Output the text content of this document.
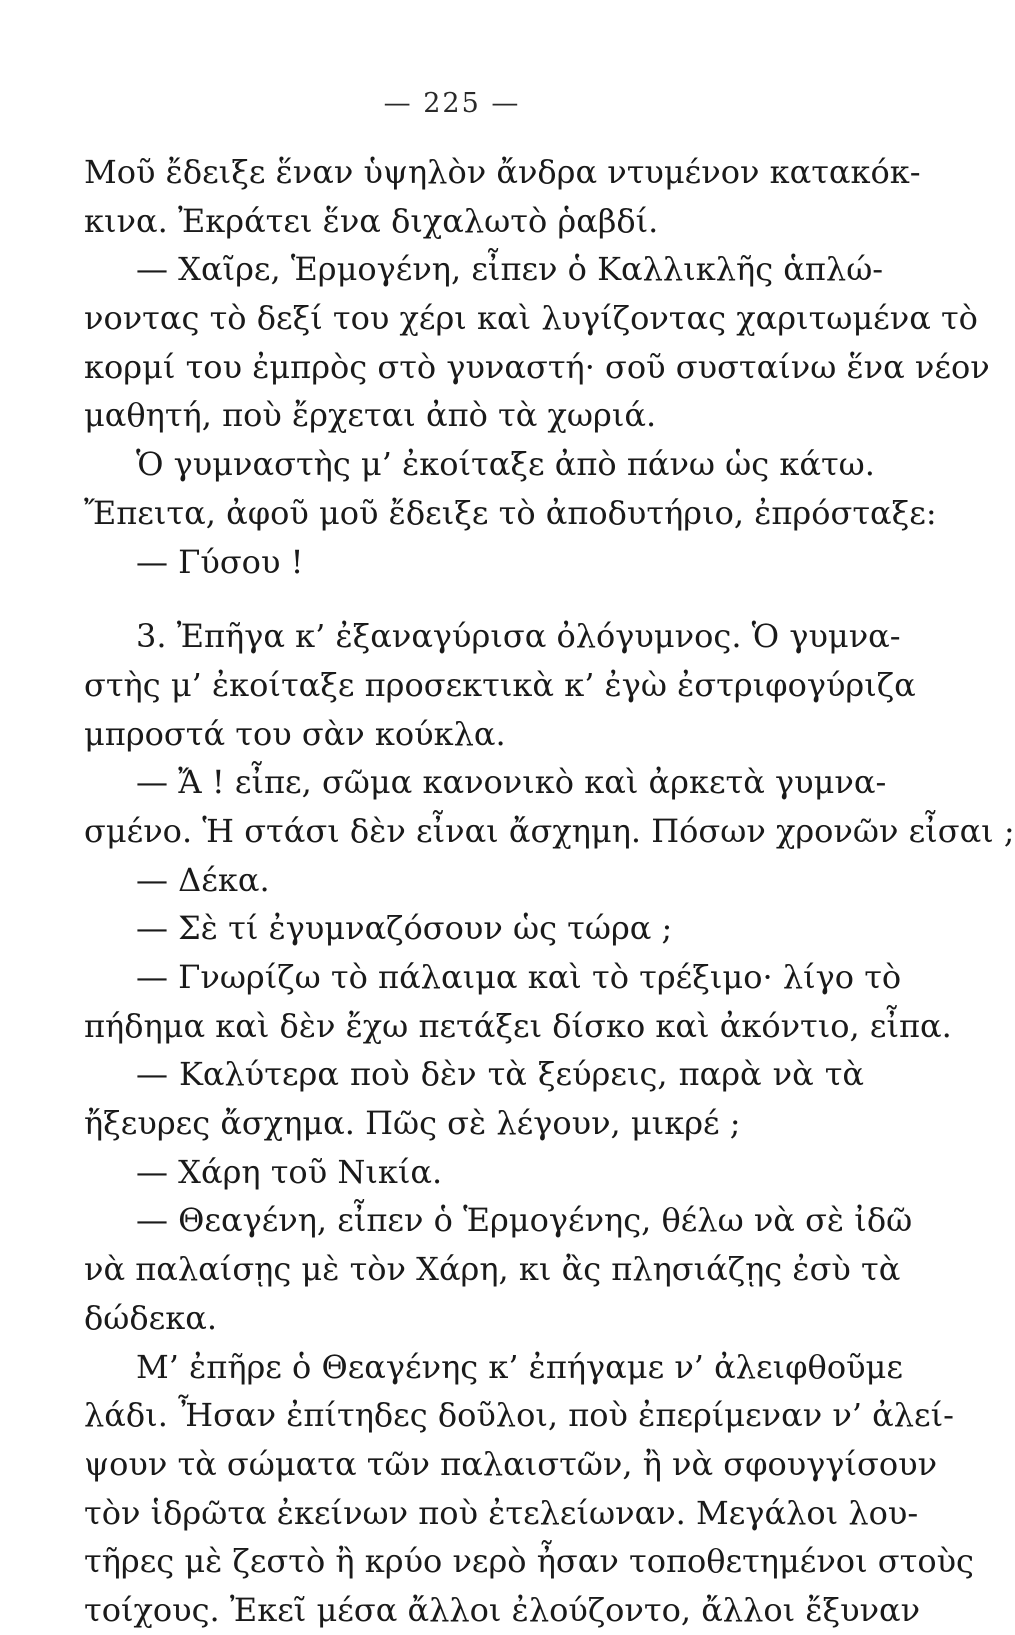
— 225 —
Μοῦ ἔδειξε ἕναν ὑψηλὸν ἄνδρα ντυμένον κατακόκ-
κινα. Ἐκράτει ἕνα διχαλωτὸ ῥαβδί.
— Χαῖρε, Ἑρμογένη, εἶπεν ὁ Καλλικλῆς ἁπλώ-
νοντας τὸ δεξί του χέρι καὶ λυγίζοντας χαριτωμένα τὸ
κορμί του ἐμπρὸς στὸ γυναστή· σοῦ συσταίνω ἕνα νέον
μαθητή, ποὺ ἔρχεται ἀπὸ τὰ χωριά.
Ὁ γυμναστὴς μ’ ἐκοίταξε ἀπὸ πάνω ὡς κάτω.
Ἔπειτα, ἀφοῦ μοῦ ἔδειξε τὸ ἀποδυτήριο, ἐπρόσταξε:
— Γύσου !
3. Ἐπῆγα κ’ ἐξαναγύρισα ὀλόγυμνος. Ὁ γυμνα-
στὴς μ’ ἐκοίταξε προσεκτικὰ κ’ ἐγὼ ἐστριφογύριζα
μπροστά του σὰν κούκλα.
— Ἄ ! εἶπε, σῶμα κανονικὸ καὶ ἀρκετὰ γυμνα-
σμένο. Ἡ στάσι δὲν εἶναι ἄσχημη. Πόσων χρονῶν εἶσαι ;
— Δέκα.
— Σὲ τί ἐγυμναζόσουν ὡς τώρα ;
— Γνωρίζω τὸ πάλαιμα καὶ τὸ τρέξιμο· λίγο τὸ
πήδημα καὶ δὲν ἔχω πετάξει δίσκο καὶ ἀκόντιο, εἶπα.
— Καλύτερα ποὺ δὲν τὰ ξεύρεις, παρὰ νὰ τὰ
ἤξευρες ἄσχημα. Πῶς σὲ λέγουν, μικρέ ;
— Χάρη τοῦ Νικία.
— Θεαγένη, εἶπεν ὁ Ἑρμογένης, θέλω νὰ σὲ ἰδῶ
νὰ παλαίσῃς μὲ τὸν Χάρη, κι ἂς πλησιάζῃς ἐσὺ τὰ
δώδεκα.
Μ’ ἐπῆρε ὁ Θεαγένης κ’ ἐπήγαμε ν’ ἀλειφθοῦμε
λάδι. Ἦσαν ἐπίτηδες δοῦλοι, ποὺ ἐπερίμεναν ν’ ἀλεί-
ψουν τὰ σώματα τῶν παλαιστῶν, ἢ νὰ σφουγγίσουν
τὸν ἱδρῶτα ἐκείνων ποὺ ἐτελείωναν. Μεγάλοι λου-
τῆρες μὲ ζεστὸ ἢ κρύο νερὸ ἦσαν τοποθετημένοι στοὺς
τοίχους. Ἐκεῖ μέσα ἄλλοι ἐλούζοντο, ἄλλοι ἔξυναν
